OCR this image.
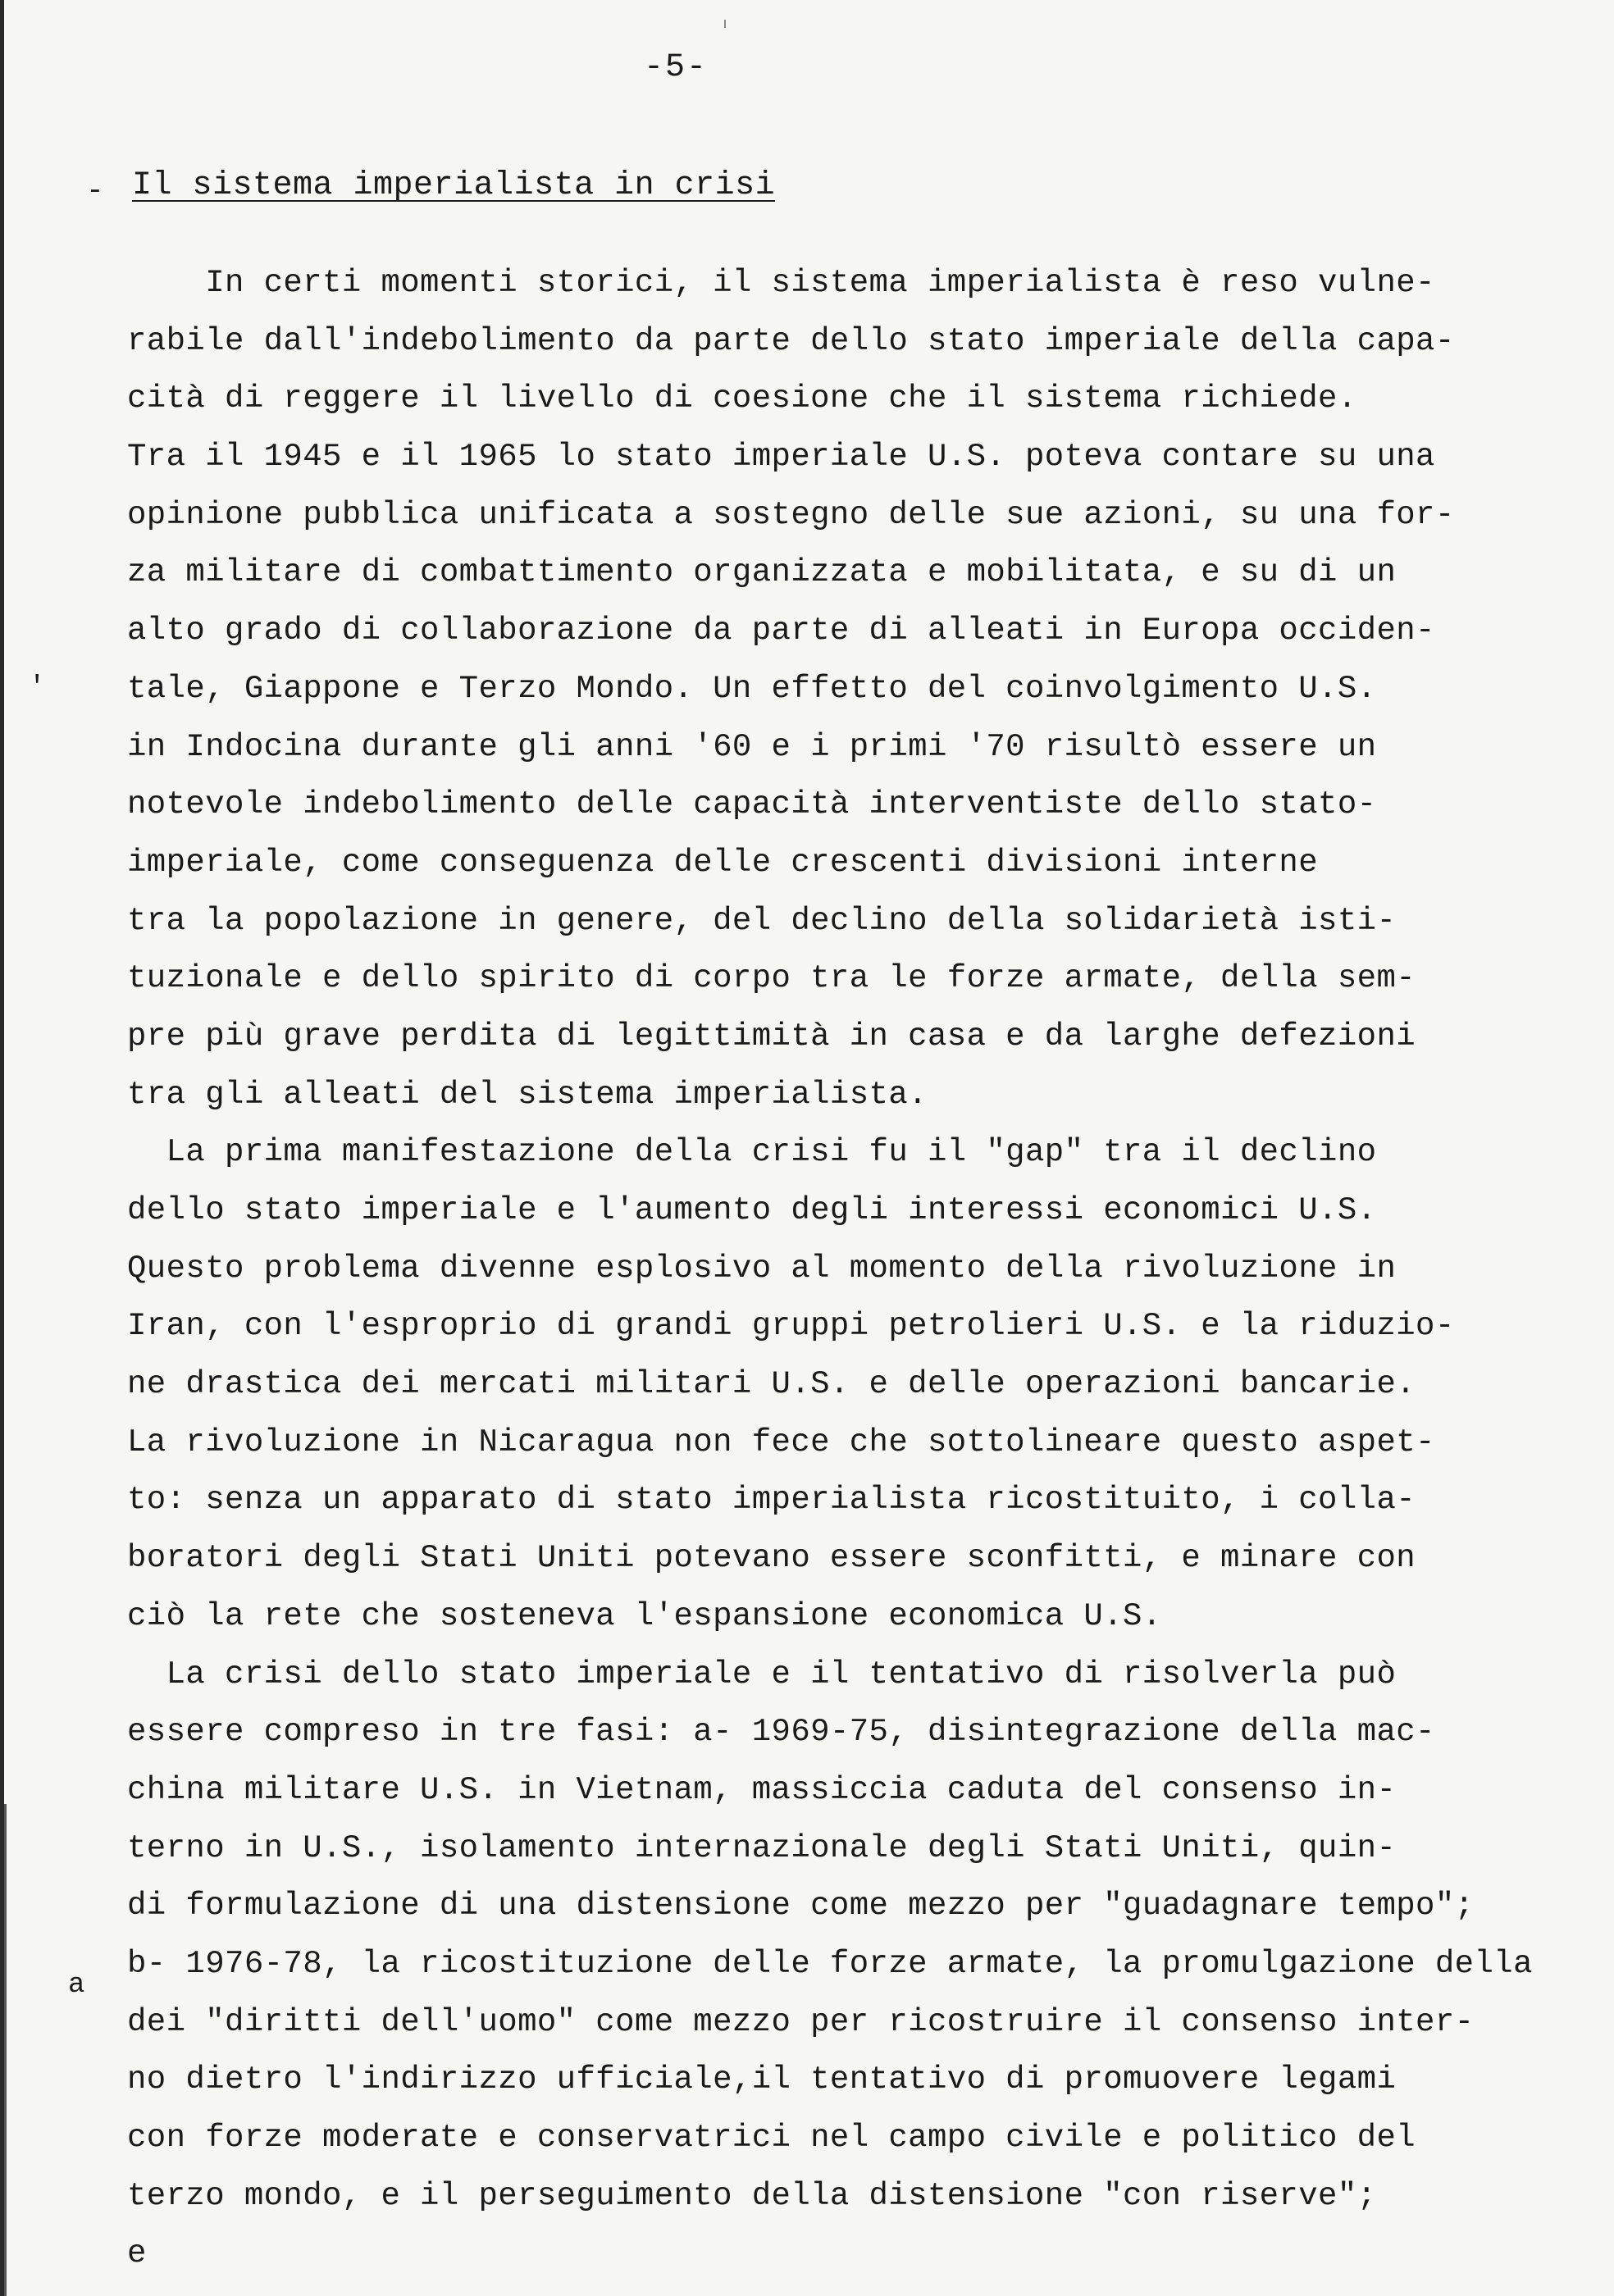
-5-
- Il sistema imperialista in crisi
'
a
In certi momenti storici, il sistema imperialista è reso vulne-
rabile dall'indebolimento da parte dello stato imperiale della capa-
cità di reggere il livello di coesione che il sistema richiede.
Tra il 1945 e il 1965 lo stato imperiale U.S. poteva contare su una
opinione pubblica unificata a sostegno delle sue azioni, su una for-
za militare di combattimento organizzata e mobilitata, e su di un
alto grado di collaborazione da parte di alleati in Europa occiden-
tale, Giappone e Terzo Mondo. Un effetto del coinvolgimento U.S.
in Indocina durante gli anni '60 e i primi '70 risultò essere un
notevole indebolimento delle capacità interventiste dello stato-
imperiale, come conseguenza delle crescenti divisioni interne
tra la popolazione in genere, del declino della solidarietà isti-
tuzionale e dello spirito di corpo tra le forze armate, della sem-
pre più grave perdita di legittimità in casa e da larghe defezioni
tra gli alleati del sistema imperialista.
La prima manifestazione della crisi fu il "gap" tra il declino
dello stato imperiale e l'aumento degli interessi economici U.S.
Questo problema divenne esplosivo al momento della rivoluzione in
Iran, con l'esproprio di grandi gruppi petrolieri U.S. e la riduzio-
ne drastica dei mercati militari U.S. e delle operazioni bancarie.
La rivoluzione in Nicaragua non fece che sottolineare questo aspet-
to: senza un apparato di stato imperialista ricostituito, i colla-
boratori degli Stati Uniti potevano essere sconfitti, e minare con
ciò la rete che sosteneva l'espansione economica U.S.
La crisi dello stato imperiale e il tentativo di risolverla può
essere compreso in tre fasi: a- 1969-75, disintegrazione della mac-
china militare U.S. in Vietnam, massiccia caduta del consenso in-
terno in U.S., isolamento internazionale degli Stati Uniti, quin-
di formulazione di una distensione come mezzo per "guadagnare tempo";
b- 1976-78, la ricostituzione delle forze armate, la promulgazione della
dei "diritti dell'uomo" come mezzo per ricostruire il consenso inter-
no dietro l'indirizzo ufficiale,il tentativo di promuovere legami
con forze moderate e conservatrici nel campo civile e politico del
terzo mondo, e il perseguimento della distensione "con riserve";
e
